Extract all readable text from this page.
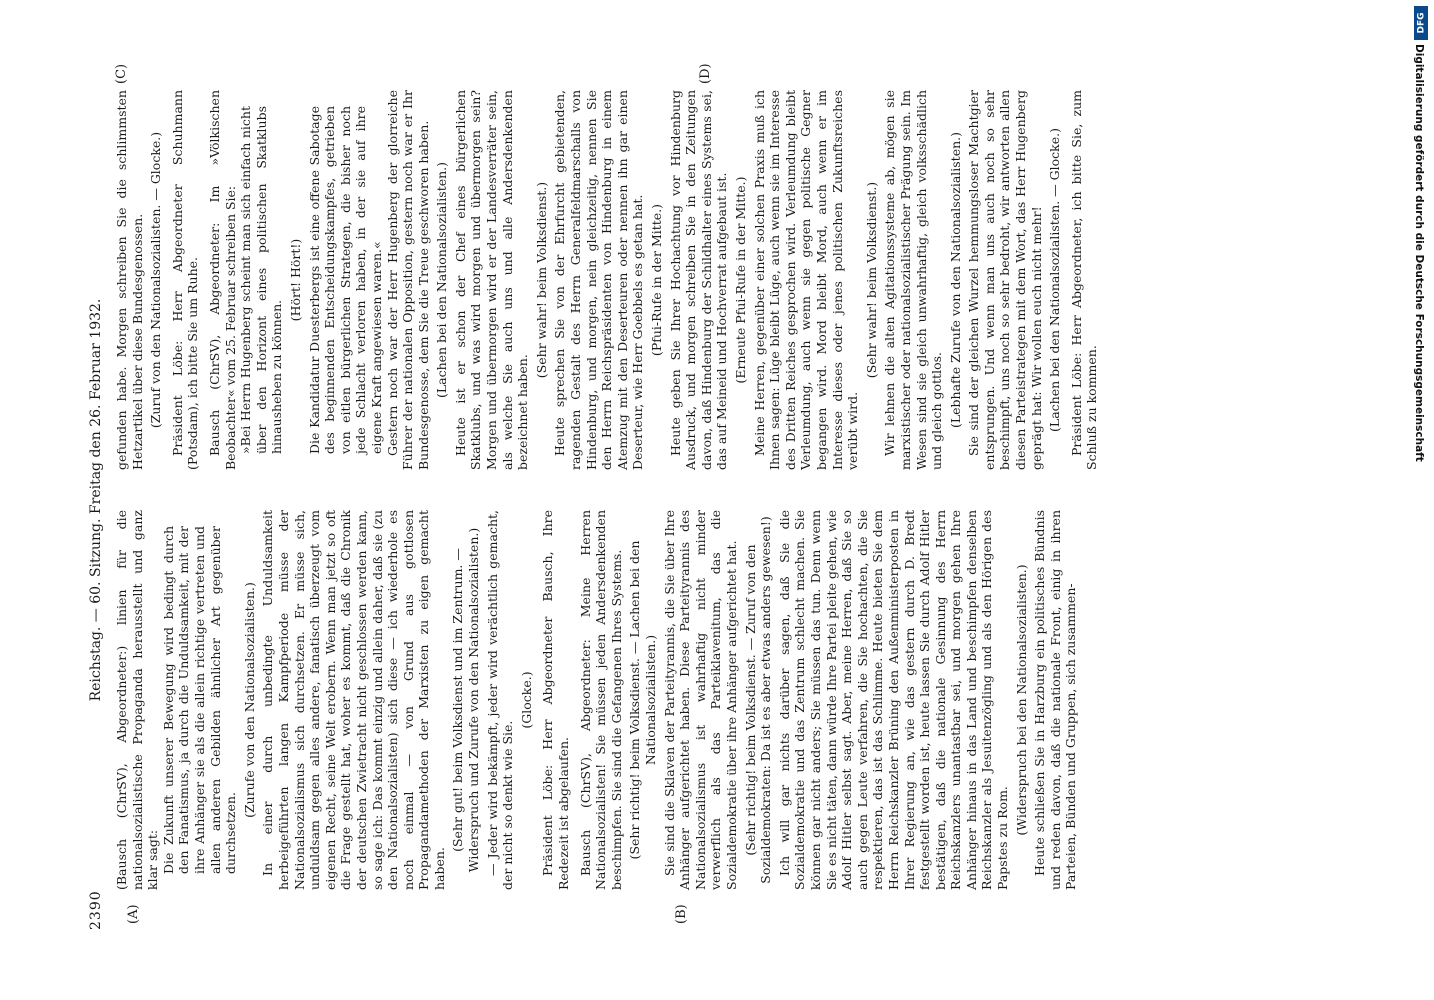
2390
Reichstag. — 60. Sitzung. Freitag den 26. Februar 1932.
(A)	(B)
(C)	(D)

(Bausch (ChrSV), Abgeordneter:) linien für die nationalsozialistische Propaganda herausstellt und ganz klar sagt: Die Zukunft unserer Bewegung wird bedingt durch den Fanatismus, ja durch die Unduldsamkeit, mit der ihre Anhänger sie als die allein richtige vertreten und allen anderen Gebilden ähnlicher Art gegenüber durchsetzen.

(Zurufe von den Nationalsozialisten.) In einer durch unbedingte Unduldsamkeit herbeigeführten langen Kampfperiode müsse der Nationalsozialismus sich durchsetzen. Er müsse sich, unduldsam gegen alles andere, fanatisch überzeugt vom eigenen Recht, seine Welt erobern. Wenn man jetzt so oft die Frage gestellt hat, woher es kommt, daß die Chronik der deutschen Zwietracht nicht geschlossen werden kann, so sage ich: Das kommt einzig und allein daher, daß sie (zu den Nationalsozialisten) sich diese — ich wiederhole es noch einmal — von Grund aus gottlosen Propagandamethoden der Marxisten zu eigen gemacht haben.

(Sehr gut! beim Volksdienst und im Zentrum. — Widerspruch und Zurufe von den Nationalsozialisten.) — Jeder wird bekämpft, jeder wird verächtlich gemacht, der nicht so denkt wie Sie.

(Glocke.) Präsident Löbe: Herr Abgeordneter Bausch, Ihre Redezeit ist abgelaufen. Bausch (ChrSV), Abgeordneter: Meine Herren Nationalsozialisten! Sie müssen jeden Andersdenkenden beschimpfen. Sie sind die Gefangenen Ihres Systems. (Sehr richtig! beim Volksdienst. — Lachen bei den Nationalsozialisten.) Sie sind die Sklaven der Parteityrannis, die Sie über Ihre Anhänger aufgerichtet haben. Diese Parteityrannis des Nationalsozialismus ist wahrhaftig nicht minder verwerflich als das Parteiklavenitum, das die Sozialdemokratie über ihre Anhänger aufgerichtet hat. (Sehr richtig! beim Volksdienst. — Zuruf von den Sozialdemokraten: Da ist es aber etwas anders gewesen!) Ich will gar nichts darüber sagen, daß Sie die Sozialdemokratie und das Zentrum schlecht machen. Sie können gar nicht anders; Sie müssen das tun. Denn wenn Sie es nicht täten, dann würde Ihre Partei pleite gehen, wie Adolf Hitler selbst sagt. Aber, meine Herren, daß Sie so auch gegen Leute verfahren, die Sie hochachten, die Sie respektieren, das ist das Schlimme. Heute bieten Sie dem Herrn Reichskanzler Brüning den Außenministerposten in Ihrer Regierung an, wie das gestern durch D. Bredt festgestellt worden ist, heute lassen Sie durch Adolf Hitler bestätigen, daß die nationale Gesinnung des Herrn Reichskanzlers unantastbar sei, und morgen gehen Ihre Anhänger hinaus in das Land und beschimpfen denselben Reichskanzler als Jesuitenzögling und als den Hörigen des Papstes zu Rom.

(Widerspruch bei den Nationalsozialisten.) Heute schließen Sie in Harzburg ein politisches Bündnis und reden davon, daß die nationale Front, einig in ihren Parteien, Bünden und Gruppen, sich zusammen-

gefunden habe. Morgen schreiben Sie die schlimmsten Hetzartikel über diese Bundesgenossen. (Zuruf von den Nationalsozialisten. — Glocke.) Präsident Löbe: Herr Abgeordneter Schuhmann (Potsdam), ich bitte Sie um Ruhe. Bausch (ChrSV), Abgeordneter: Im »Völkischen Beobachter« vom 25. Februar schreiben Sie: »Bei Herrn Hugenberg scheint man sich einfach nicht über den Horizont eines politischen Skatklubs hinausheben zu können.

(Hört! Hört!) Die Kandidatur Duesterbergs ist eine offene Sabotage des beginnenden Entscheidungskampfes, getrieben von eitlen bürgerlichen Strategen, die bisher noch jede Schlacht verloren haben, in der sie auf ihre eigene Kraft angewiesen waren.« Gestern noch war der Herr Hugenberg der glorreiche Führer der nationalen Opposition, gestern noch war er Ihr Bundesgenosse, dem Sie die Treue geschworen haben. (Lachen bei den Nationalsozialisten.) Heute ist er schon der Chef eines bürgerlichen Skatklubs, und was wird morgen und übermorgen sein? Morgen und übermorgen wird er der Landesverräter sein, als welche Sie auch uns und alle Andersdenkenden bezeichnet haben.

(Sehr wahr! beim Volksdienst.) Heute sprechen Sie von der Ehrfurcht gebietenden, ragenden Gestalt des Herrn Generalfeldmarschalls von Hindenburg, und morgen, nein gleichzeitig, nennen Sie den Herrn Reichspräsidenten von Hindenburg in einem Atemzug mit den Deserteuren oder nennen ihn gar einen Deserteur, wie Herr Goebbels es getan hat. (Pfui-Rufe in der Mitte.) Heute geben Sie Ihrer Hochachtung vor Hindenburg Ausdruck, und morgen schreiben Sie in den Zeitungen davon, daß Hindenburg der Schildhalter eines Systems sei, das auf Meineid und Hochverrat aufgebaut ist. (Erneute Pfui-Rufe in der Mitte.) Meine Herren, gegenüber einer solchen Praxis muß ich Ihnen sagen: Lüge bleibt Lüge, auch wenn sie im Interesse des Dritten Reiches gesprochen wird. Verleumdung bleibt Verleumdung, auch wenn sie gegen politische Gegner begangen wird. Mord bleibt Mord, auch wenn er im Interesse dieses oder jenes politischen Zukunftsreiches verübt wird.

(Sehr wahr! beim Volksdienst.) Wir lehnen die alten Agitationssysteme ab, mögen sie marxistischer oder nationalsozialistischer Prägung sein. Im Wesen sind sie gleich unwahrhaftig, gleich volksschädlich und gleich gottlos. (Lebhafte Zurufe von den Nationalsozialisten.) Sie sind der gleichen Wurzel hemmungsloser Machtgier entsprungen. Und wenn man uns auch noch so sehr beschimpft, uns noch so sehr bedroht, wir antworten allen diesen Parteistrategen mit dem Wort, das Herr Hugenberg geprägt hat: Wir wollen euch nicht mehr! (Lachen bei den Nationalsozialisten. — Glocke.) Präsident Löbe: Herr Abgeordneter, ich bitte Sie, zum Schluß zu kommen.

DFG
Digitalisierung gefördert durch die Deutsche Forschungsgemeinschaft
